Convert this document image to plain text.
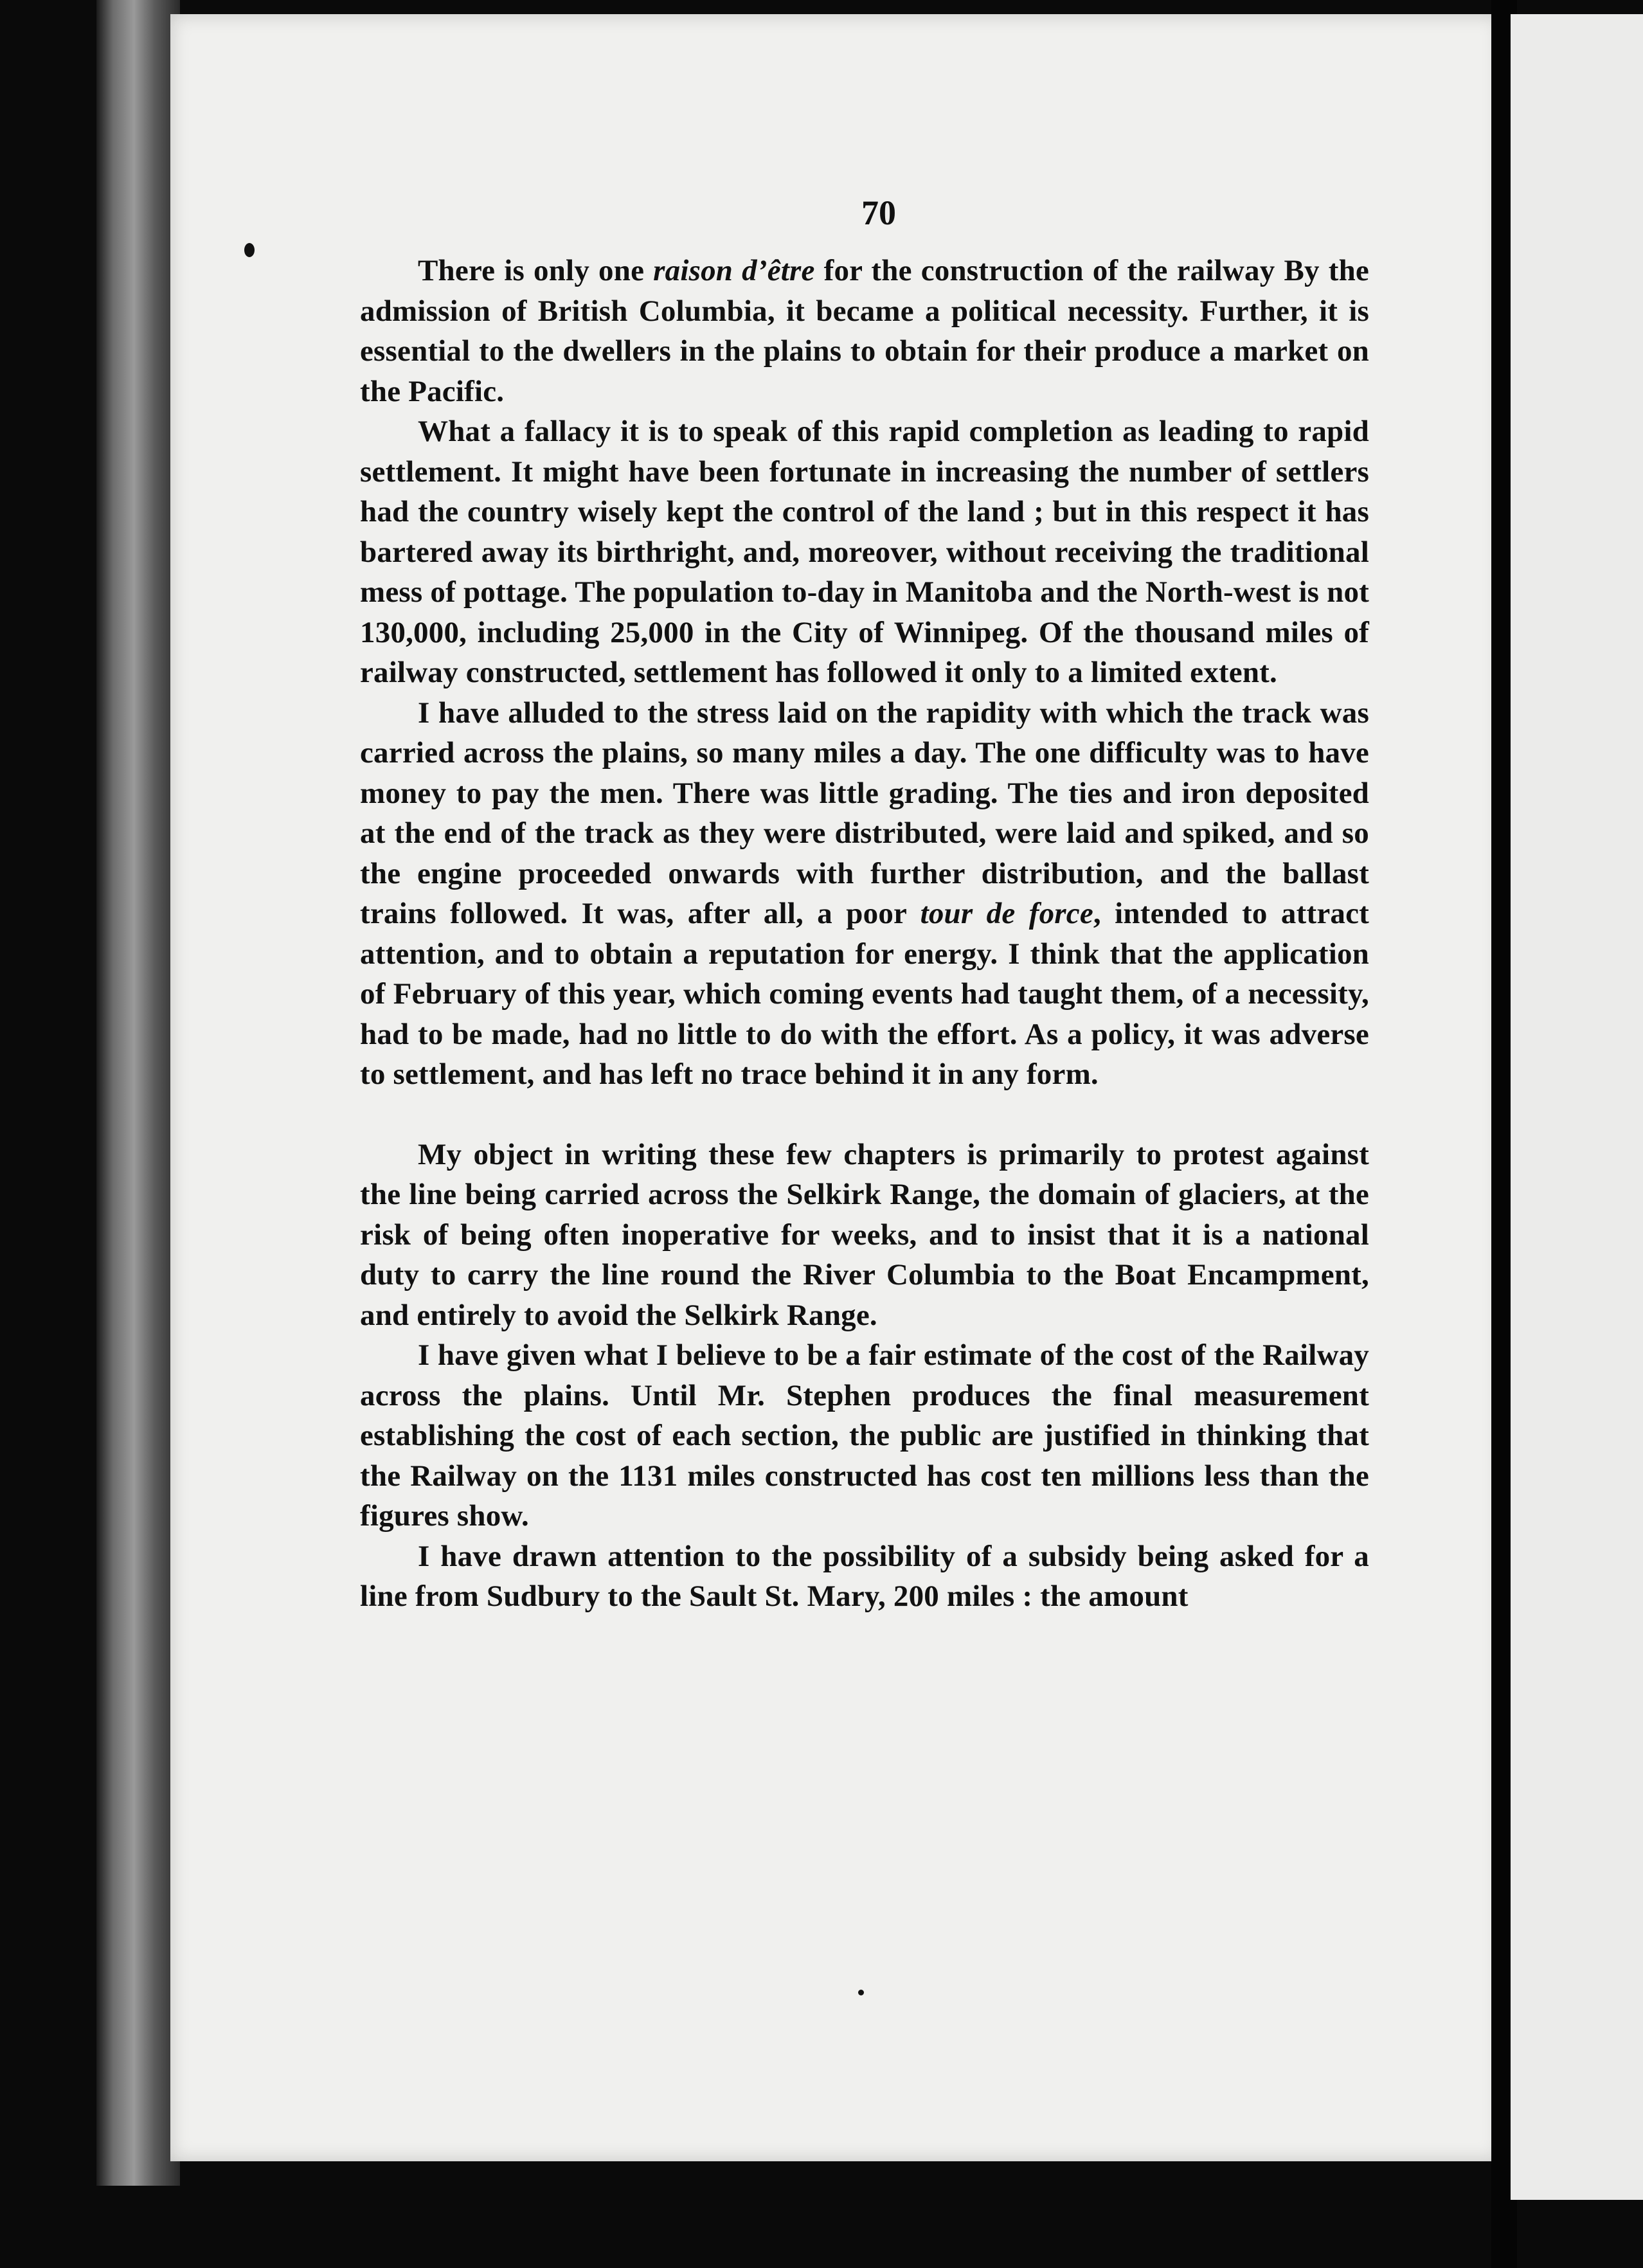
70

There is only one raison d’être for the construction of the railway By the admission of British Columbia, it became a political necessity. Further, it is essential to the dwellers in the plains to obtain for their produce a market on the Pacific.

What a fallacy it is to speak of this rapid completion as leading to rapid settlement. It might have been fortunate in increasing the number of settlers had the country wisely kept the control of the land ; but in this respect it has bartered away its birthright, and, moreover, without receiving the traditional mess of pottage. The population to-day in Manitoba and the North-west is not 130,000, including 25,000 in the City of Winnipeg. Of the thousand miles of railway constructed, settlement has followed it only to a limited extent.

I have alluded to the stress laid on the rapidity with which the track was carried across the plains, so many miles a day. The one difficulty was to have money to pay the men. There was little grading. The ties and iron deposited at the end of the track as they were distributed, were laid and spiked, and so the engine proceeded onwards with further distribution, and the ballast trains followed. It was, after all, a poor tour de force, intended to attract attention, and to obtain a reputation for energy. I think that the application of February of this year, which coming events had taught them, of a necessity, had to be made, had no little to do with the effort. As a policy, it was adverse to settlement, and has left no trace behind it in any form.

My object in writing these few chapters is primarily to protest against the line being carried across the Selkirk Range, the domain of glaciers, at the risk of being often inoperative for weeks, and to insist that it is a national duty to carry the line round the River Columbia to the Boat Encampment, and entirely to avoid the Selkirk Range.

I have given what I believe to be a fair estimate of the cost of the Railway across the plains. Until Mr. Stephen produces the final measurement establishing the cost of each section, the public are justified in thinking that the Railway on the 1131 miles constructed has cost ten millions less than the figures show.

I have drawn attention to the possibility of a subsidy being asked for a line from Sudbury to the Sault St. Mary, 200 miles : the amount
